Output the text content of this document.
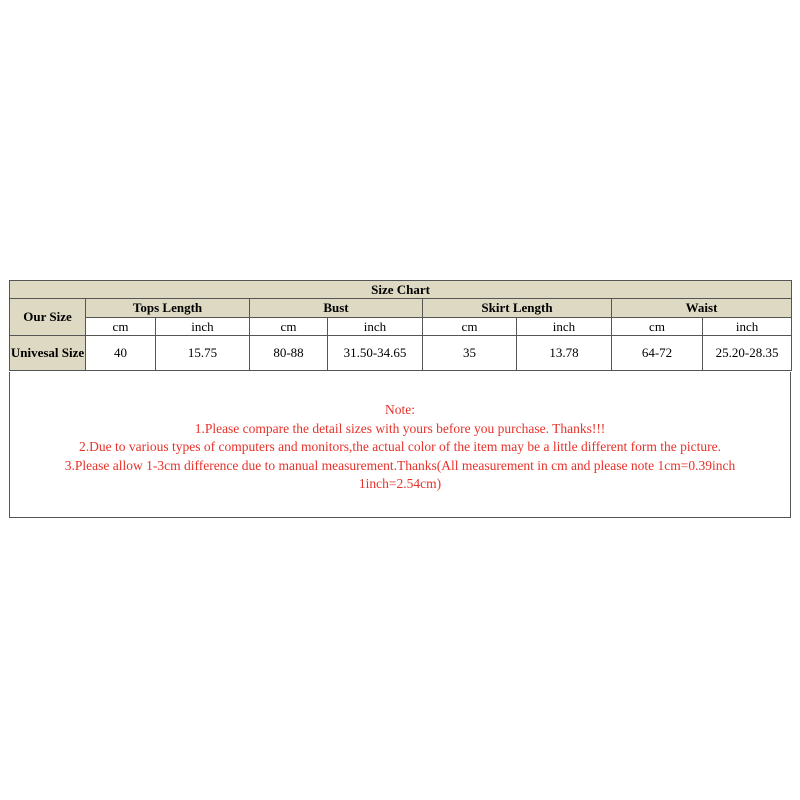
Size Chart								
Our Size	Tops Length		Bust		Skirt Length		Waist	
	cm	inch	cm	inch	cm	inch	cm	inch
Univesal Size	40	15.75	80-88	31.50-34.65	35	13.78	64-72	25.20-28.35
Note:
1.Please compare the detail sizes with yours before you purchase. Thanks!!!
2.Due to various types of computers and monitors,the actual color of the item may be a little different form the picture.
3.Please allow 1-3cm difference due to manual measurement.Thanks(All measurement in cm and please note 1cm=0.39inch
1inch=2.54cm)
